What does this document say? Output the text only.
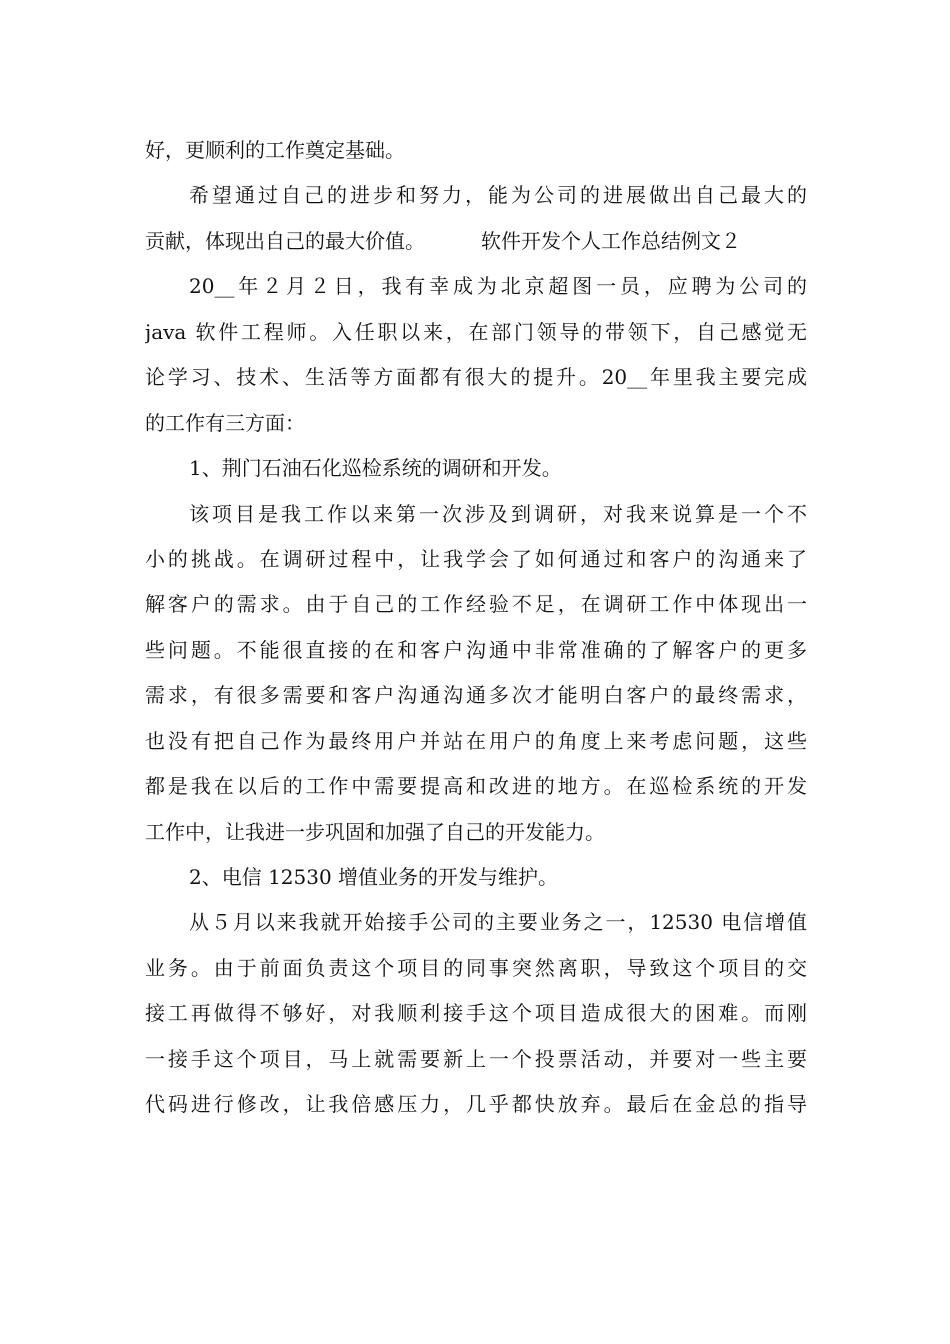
好，更顺利的工作奠定基础。
希望通过自己的进步和努力，能为公司的进展做出自己最大的
贡献，体现出自己的最大价值。	软件开发个人工作总结例文２
20__年２月２日，我有幸成为北京超图一员，应聘为公司的
java 软件工程师。入任职以来，在部门领导的带领下，自己感觉无
论学习、技术、生活等方面都有很大的提升。20__年里我主要完成
的工作有三方面：
1、荆门石油石化巡检系统的调研和开发。
该项目是我工作以来第一次涉及到调研，对我来说算是一个不
小的挑战。在调研过程中，让我学会了如何通过和客户的沟通来了
解客户的需求。由于自己的工作经验不足，在调研工作中体现出一
些问题。不能很直接的在和客户沟通中非常准确的了解客户的更多
需求，有很多需要和客户沟通沟通多次才能明白客户的最终需求，
也没有把自己作为最终用户并站在用户的角度上来考虑问题，这些
都是我在以后的工作中需要提高和改进的地方。在巡检系统的开发
工作中，让我进一步巩固和加强了自己的开发能力。
2、电信 12530 增值业务的开发与维护。
从５月以来我就开始接手公司的主要业务之一，12530 电信增值
业务。由于前面负责这个项目的同事突然离职，导致这个项目的交
接工再做得不够好，对我顺利接手这个项目造成很大的困难。而刚
一接手这个项目，马上就需要新上一个投票活动，并要对一些主要
代码进行修改，让我倍感压力，几乎都快放弃。最后在金总的指导
